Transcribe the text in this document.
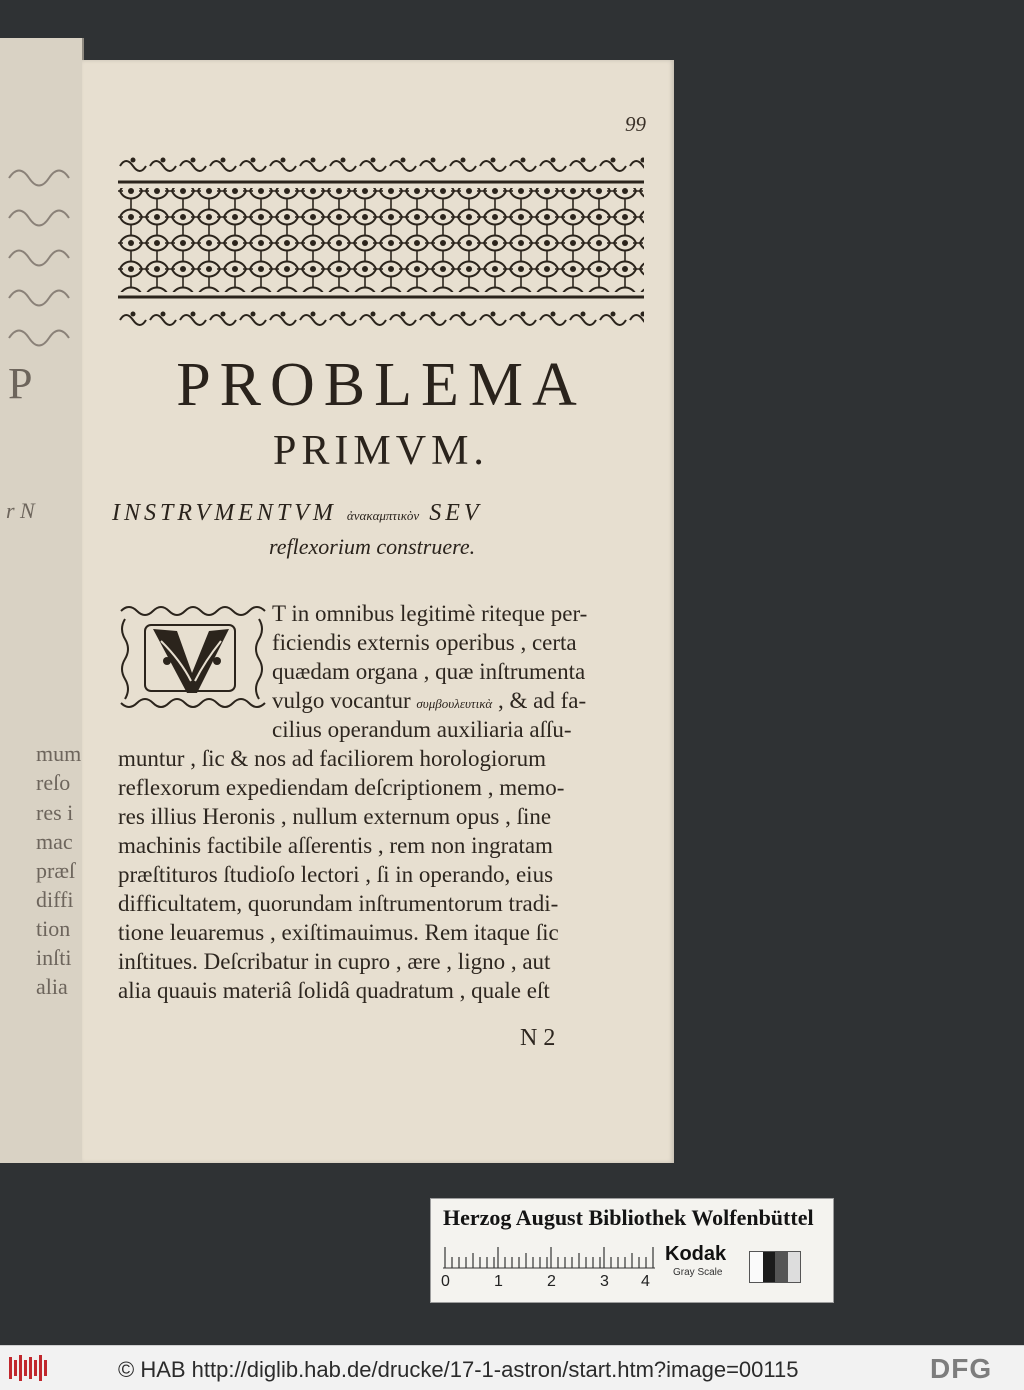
P
r N
mum
reſo
res i
mac
præſ
diffi
tion
inſti
alia
99
PROBLEMA
PRIMVM.
INSTRVMENTVM ἀνακαμπτικὸν SEV
reflexorium construere.
T in omnibus legitimè riteque per-
ficiendis externis operibus , certa
quædam organa , quæ inſtrumenta
vulgo vocantur συμβουλευτικὰ , & ad fa-
cilius operandum auxiliaria aſſu-
muntur , ſic & nos ad faciliorem horologiorum
reflexorum expediendam deſcriptionem , memo-
res illius Heronis , nullum externum opus , ſine
machinis factibile aſſerentis , rem non ingratam
præſtituros ſtudioſo lectori , ſi in operando, eius
difficultatem, quorundam inſtrumentorum tradi-
tione leuaremus , exiſtimauimus. Rem itaque ſic
inſtitues. Deſcribatur in cupro , ære , ligno , aut
alia quauis materiâ ſolidâ quadratum , quale eſt
N 2
Herzog August Bibliothek Wolfenbüttel
0	1	2	3 4
Kodak
Gray Scale
© HAB http://diglib.hab.de/drucke/17-1-astron/start.htm?image=00115	DFG
